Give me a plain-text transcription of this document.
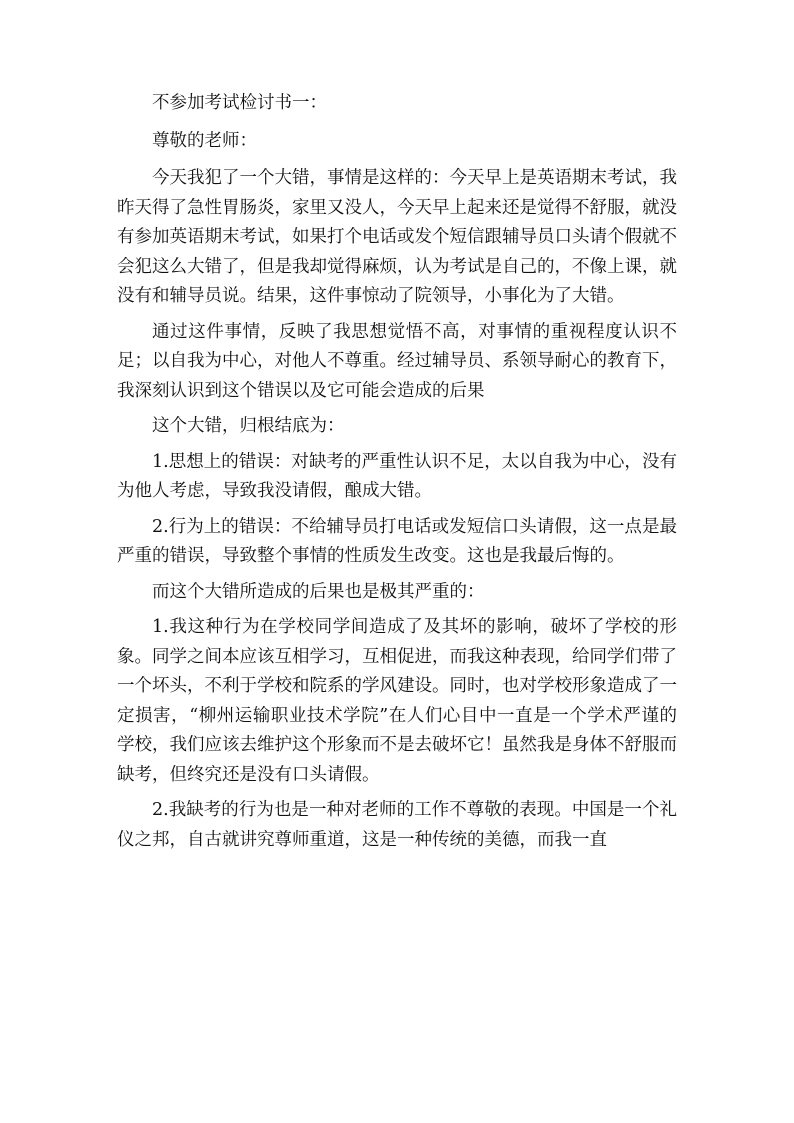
不参加考试检讨书一：

尊敬的老师：

今天我犯了一个大错，事情是这样的：今天早上是英语期末考试，我昨天得了急性胃肠炎，家里又没人，今天早上起来还是觉得不舒服，就没有参加英语期末考试，如果打个电话或发个短信跟辅导员口头请个假就不会犯这么大错了，但是我却觉得麻烦，认为考试是自己的，不像上课，就没有和辅导员说。结果，这件事惊动了院领导，小事化为了大错。

通过这件事情，反映了我思想觉悟不高，对事情的重视程度认识不足；以自我为中心，对他人不尊重。经过辅导员、系领导耐心的教育下，我深刻认识到这个错误以及它可能会造成的后果

这个大错，归根结底为：

1.思想上的错误：对缺考的严重性认识不足，太以自我为中心，没有为他人考虑，导致我没请假，酿成大错。

2.行为上的错误：不给辅导员打电话或发短信口头请假，这一点是最严重的错误，导致整个事情的性质发生改变。这也是我最后悔的。

而这个大错所造成的后果也是极其严重的：

1.我这种行为在学校同学间造成了及其坏的影响，破坏了学校的形象。同学之间本应该互相学习，互相促进，而我这种表现，给同学们带了一个坏头，不利于学校和院系的学风建设。同时，也对学校形象造成了一定损害，“柳州运输职业技术学院”在人们心目中一直是一个学术严谨的学校，我们应该去维护这个形象而不是去破坏它！虽然我是身体不舒服而缺考，但终究还是没有口头请假。

2.我缺考的行为也是一种对老师的工作不尊敬的表现。中国是一个礼仪之邦，自古就讲究尊师重道，这是一种传统的美德，而我一直
